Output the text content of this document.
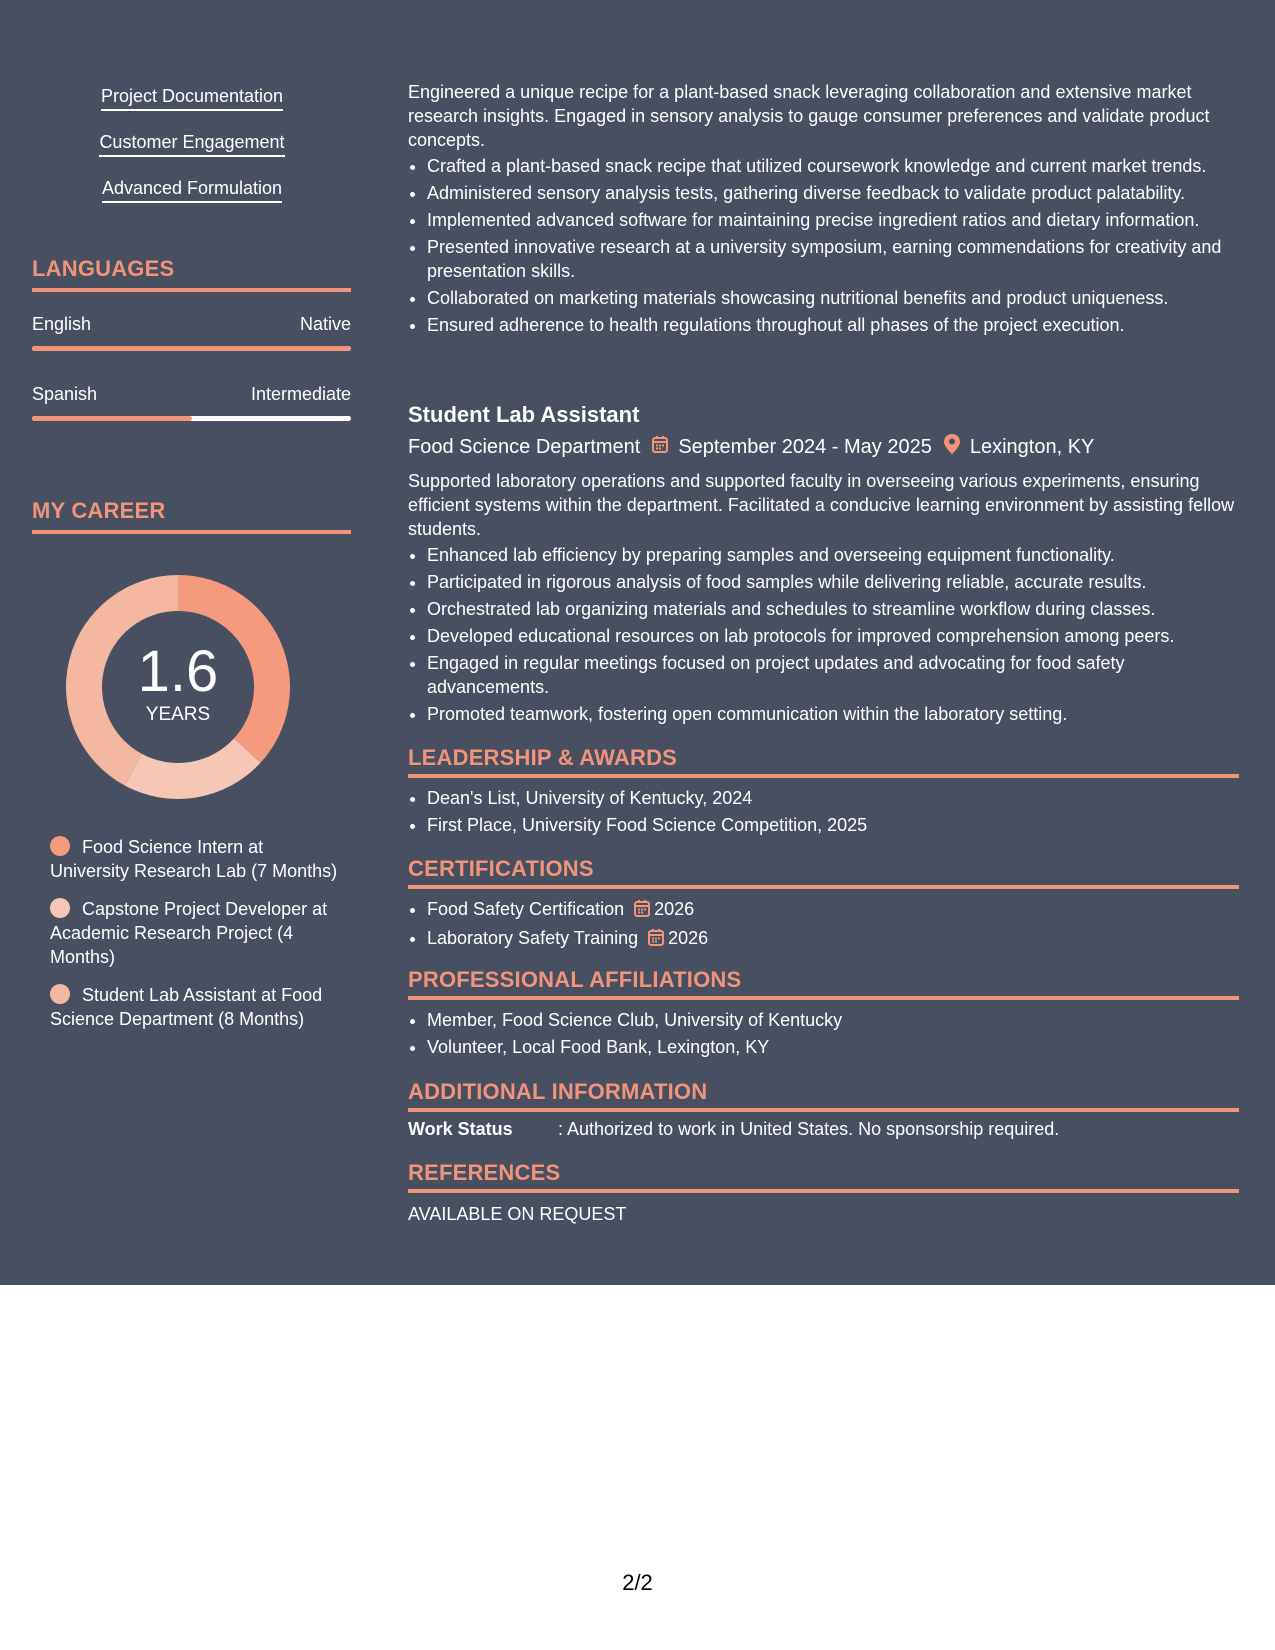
Project Documentation
Customer Engagement
Advanced Formulation
LANGUAGES
English	Native
Spanish	Intermediate
MY CAREER
1.6
YEARS
Food Science Intern at University Research Lab (7 Months)
Capstone Project Developer at Academic Research Project (4 Months)
Student Lab Assistant at Food Science Department (8 Months)

Engineered a unique recipe for a plant-based snack leveraging collaboration and extensive market research insights. Engaged in sensory analysis to gauge consumer preferences and validate product concepts.

• Crafted a plant-based snack recipe that utilized coursework knowledge and current market trends.
• Administered sensory analysis tests, gathering diverse feedback to validate product palatability.
• Implemented advanced software for maintaining precise ingredient ratios and dietary information.
• Presented innovative research at a university symposium, earning commendations for creativity and presentation skills.
• Collaborated on marketing materials showcasing nutritional benefits and product uniqueness.
• Ensured adherence to health regulations throughout all phases of the project execution.
Student Lab Assistant
Food Science Department September 2024 - May 2025 Lexington, KY

Supported laboratory operations and supported faculty in overseeing various experiments, ensuring efficient systems within the department. Facilitated a conducive learning environment by assisting fellow students.

• Enhanced lab efficiency by preparing samples and overseeing equipment functionality.
• Participated in rigorous analysis of food samples while delivering reliable, accurate results.
• Orchestrated lab organizing materials and schedules to streamline workflow during classes.
• Developed educational resources on lab protocols for improved comprehension among peers.
• Engaged in regular meetings focused on project updates and advocating for food safety advancements.
• Promoted teamwork, fostering open communication within the laboratory setting.
LEADERSHIP & AWARDS
• Dean's List, University of Kentucky, 2024
• First Place, University Food Science Competition, 2025
CERTIFICATIONS
• Food Safety Certification 2026
• Laboratory Safety Training 2026
PROFESSIONAL AFFILIATIONS
• Member, Food Science Club, University of Kentucky
• Volunteer, Local Food Bank, Lexington, KY
ADDITIONAL INFORMATION
Work Status	: Authorized to work in United States. No sponsorship required.
REFERENCES
AVAILABLE ON REQUEST
2/2
